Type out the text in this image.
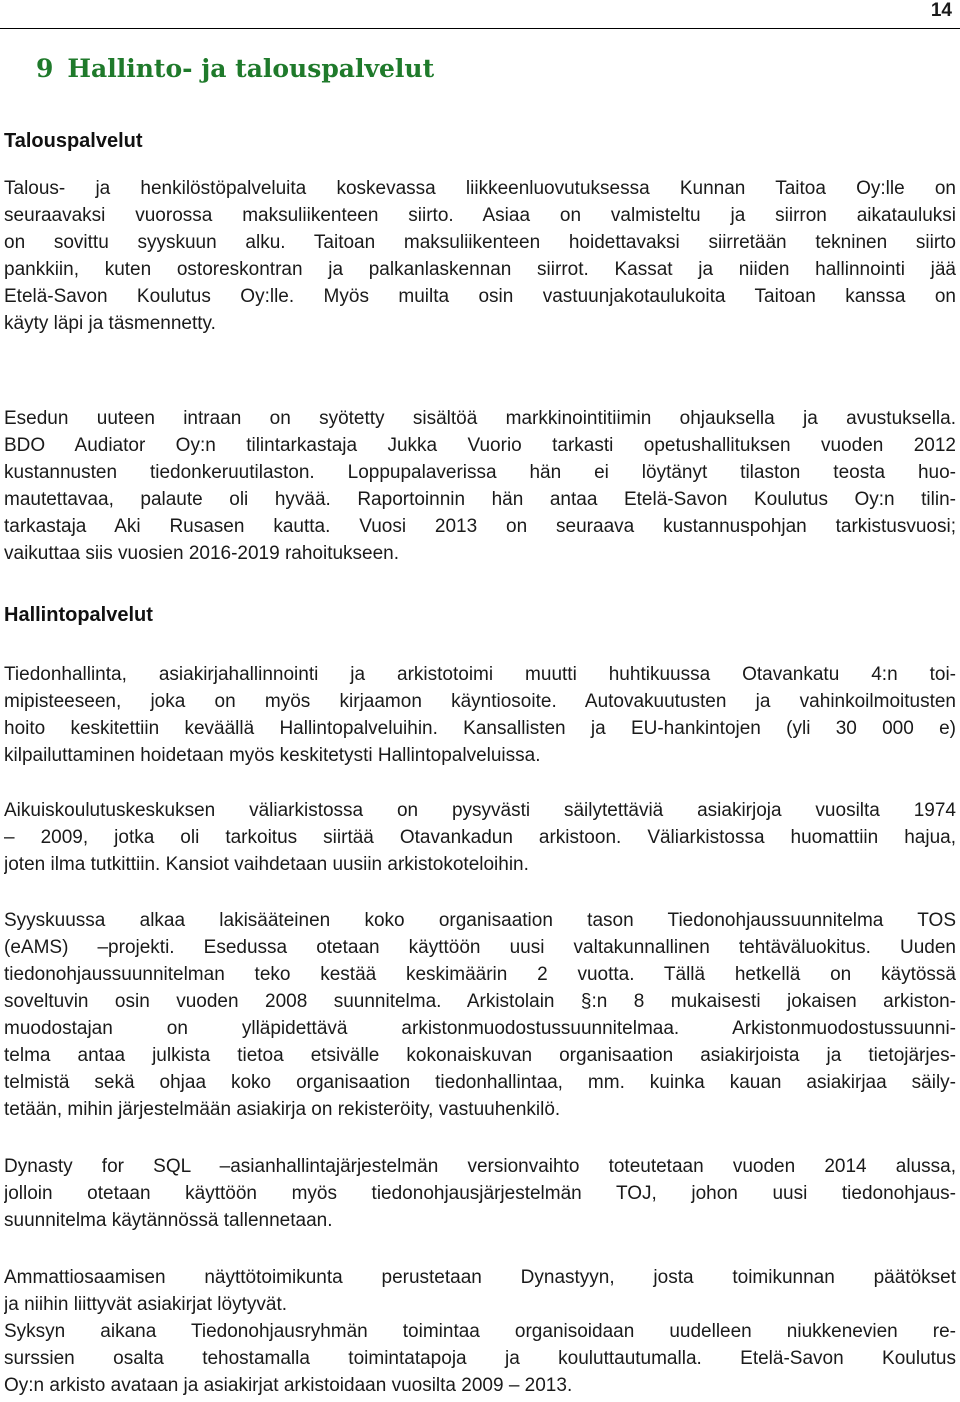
14
9 Hallinto- ja talouspalvelut
Talouspalvelut
Talous- ja henkilöstöpalveluita koskevassa liikkeenluovutuksessa Kunnan Taitoa Oy:lle on
seuraavaksi vuorossa maksuliikenteen siirto. Asiaa on valmisteltu ja siirron aikatauluksi
on sovittu syyskuun alku. Taitoan maksuliikenteen hoidettavaksi siirretään tekninen siirto
pankkiin, kuten ostoreskontran ja palkanlaskennan siirrot. Kassat ja niiden hallinnointi jää
Etelä-Savon Koulutus Oy:lle. Myös muilta osin vastuunjakotaulukoita Taitoan kanssa on
käyty läpi ja täsmennetty.
Esedun uuteen intraan on syötetty sisältöä markkinointitiimin ohjauksella ja avustuksella.
BDO Audiator Oy:n tilintarkastaja Jukka Vuorio tarkasti opetushallituksen vuoden 2012
kustannusten tiedonkeruutilaston. Loppupalaverissa hän ei löytänyt tilaston teosta huo-
mautettavaa, palaute oli hyvää. Raportoinnin hän antaa Etelä-Savon Koulutus Oy:n tilin-
tarkastaja Aki Rusasen kautta. Vuosi 2013 on seuraava kustannuspohjan tarkistusvuosi;
vaikuttaa siis vuosien 2016-2019 rahoitukseen.
Hallintopalvelut
Tiedonhallinta, asiakirjahallinnointi ja arkistotoimi muutti huhtikuussa Otavankatu 4:n toi-
mipisteeseen, joka on myös kirjaamon käyntiosoite. Autovakuutusten ja vahinkoilmoitusten
hoito keskitettiin keväällä Hallintopalveluihin. Kansallisten ja EU-hankintojen (yli 30 000 e)
kilpailuttaminen hoidetaan myös keskitetysti Hallintopalveluissa.
Aikuiskoulutuskeskuksen väliarkistossa on pysyvästi säilytettäviä asiakirjoja vuosilta 1974
– 2009, jotka oli tarkoitus siirtää Otavankadun arkistoon. Väliarkistossa huomattiin hajua,
joten ilma tutkittiin. Kansiot vaihdetaan uusiin arkistokoteloihin.
Syyskuussa alkaa lakisääteinen koko organisaation tason Tiedonohjaussuunnitelma TOS
(eAMS) –projekti. Esedussa otetaan käyttöön uusi valtakunnallinen tehtäväluokitus. Uuden
tiedonohjaussuunnitelman teko kestää keskimäärin 2 vuotta. Tällä hetkellä on käytössä
soveltuvin osin vuoden 2008 suunnitelma. Arkistolain §:n 8 mukaisesti jokaisen arkiston-
muodostajan on ylläpidettävä arkistonmuodostussuunnitelmaa. Arkistonmuodostussuunni-
telma antaa julkista tietoa etsivälle kokonaiskuvan organisaation asiakirjoista ja tietojärjes-
telmistä sekä ohjaa koko organisaation tiedonhallintaa, mm. kuinka kauan asiakirjaa säily-
tetään, mihin järjestelmään asiakirja on rekisteröity, vastuuhenkilö.
Dynasty for SQL –asianhallintajärjestelmän versionvaihto toteutetaan vuoden 2014 alussa,
jolloin otetaan käyttöön myös tiedonohjausjärjestelmän TOJ, johon uusi tiedonohjaus-
suunnitelma käytännössä tallennetaan.
Ammattiosaamisen näyttötoimikunta perustetaan Dynastyyn, josta toimikunnan päätökset
ja niihin liittyvät asiakirjat löytyvät.
Syksyn aikana Tiedonohjausryhmän toimintaa organisoidaan uudelleen niukkenevien re-
surssien osalta tehostamalla toimintatapoja ja kouluttautumalla. Etelä-Savon Koulutus
Oy:n arkisto avataan ja asiakirjat arkistoidaan vuosilta 2009 – 2013.
